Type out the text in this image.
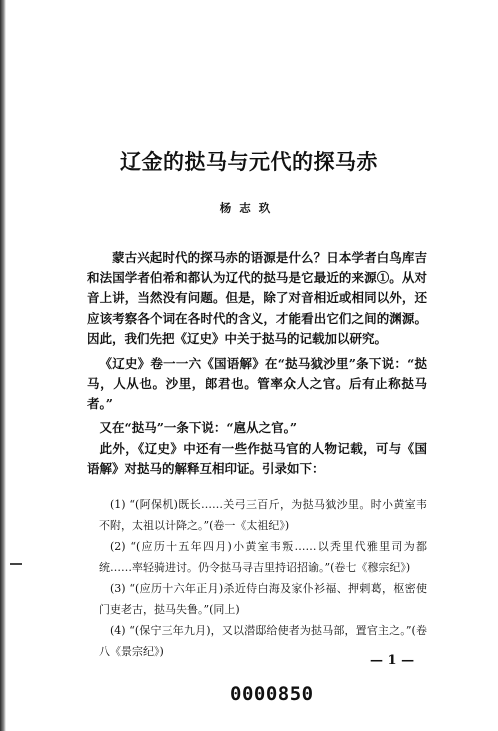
辽金的挞马与元代的探马赤
杨志玖

蒙古兴起时代的探马赤的语源是什么？日本学者白鸟库吉和法国学者伯希和都认为辽代的挞马是它最近的来源①。从对音上讲，当然没有问题。但是，除了对音相近或相同以外，还应该考察各个词在各时代的含义，才能看出它们之间的渊源。因此，我们先把《辽史》中关于挞马的记载加以研究。

《辽史》卷一一六《国语解》在“挞马狘沙里”条下说：“挞马，人从也。沙里，郎君也。管率众人之官。后有止称挞马者。”

又在“挞马”一条下说：“扈从之官。”

此外，《辽史》中还有一些作挞马官的人物记载，可与《国语解》对挞马的解释互相印证。引录如下：

(1) “(阿保机)既长……关弓三百斤，为挞马狘沙里。时小黄室韦不附，太祖以计降之。”(卷一《太祖纪》)

(2) “(应历十五年四月)小黄室韦叛……以秃里代雅里司为都统……率轻骑进讨。仍令挞马寻吉里持诏招谕。”(卷七《穆宗纪》)

(3) “(应历十六年正月)杀近侍白海及家仆衫福、押剌葛，枢密使门吏老古，挞马失鲁。”(同上)

(4) “(保宁三年九月)，又以潜邸给使者为挞马部，置官主之。”(卷八《景宗纪》)

— 1 —
0000850
